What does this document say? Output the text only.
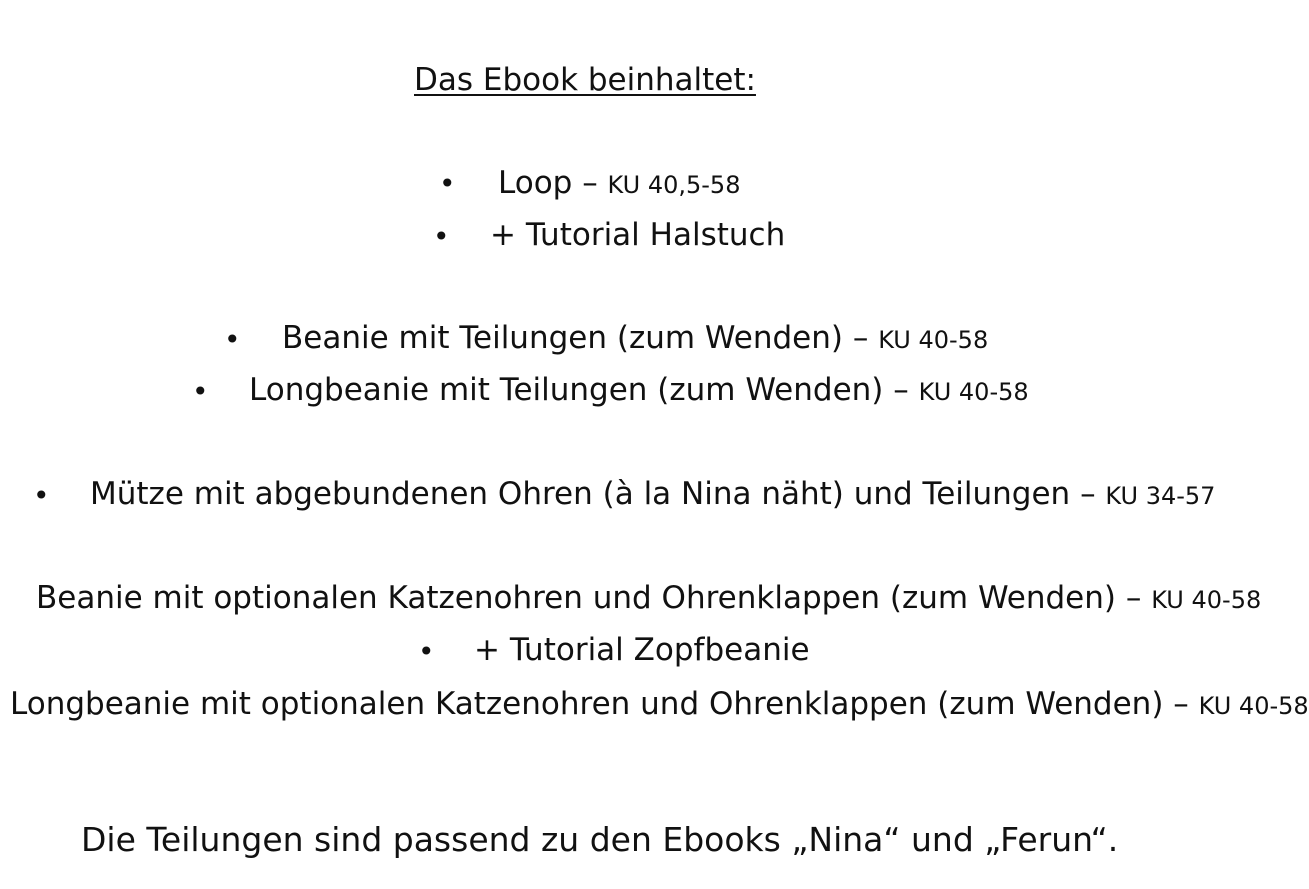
Das Ebook beinhaltet:
• Loop – KU 40,5-58
• + Tutorial Halstuch
• Beanie mit Teilungen (zum Wenden) – KU 40-58
• Longbeanie mit Teilungen (zum Wenden) – KU 40-58
• Mütze mit abgebundenen Ohren (à la Nina näht) und Teilungen – KU 34-57
Beanie mit optionalen Katzenohren und Ohrenklappen (zum Wenden) – KU 40-58
• + Tutorial Zopfbeanie
Longbeanie mit optionalen Katzenohren und Ohrenklappen (zum Wenden) – KU 40-58
Die Teilungen sind passend zu den Ebooks „Nina“ und „Ferun“.
